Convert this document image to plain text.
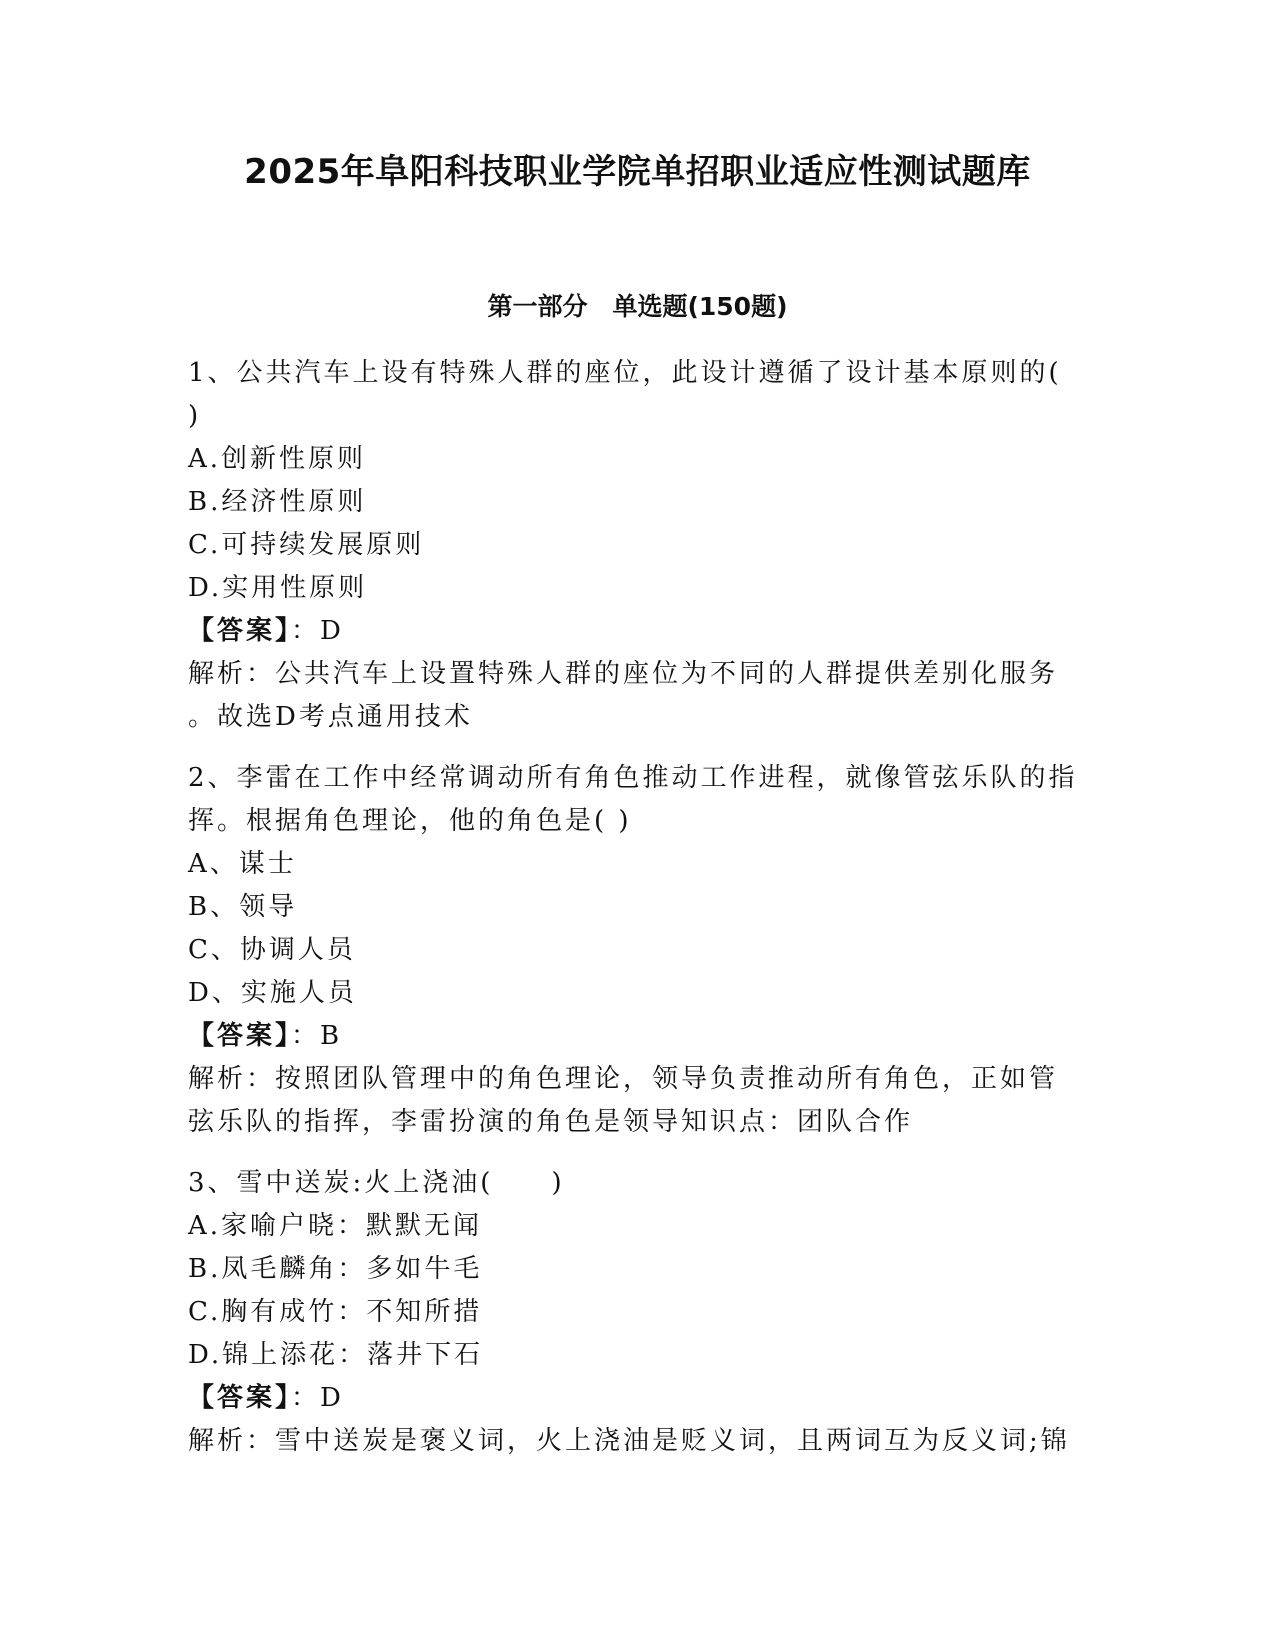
2025年阜阳科技职业学院单招职业适应性测试题库
第一部分　单选题(150题)
1、公共汽车上设有特殊人群的座位，此设计遵循了设计基本原则的(
)
A.创新性原则
B.经济性原则
C.可持续发展原则
D.实用性原则
【答案】：D
解析：公共汽车上设置特殊人群的座位为不同的人群提供差别化服务
。故选D考点通用技术
2、李雷在工作中经常调动所有角色推动工作进程，就像管弦乐队的指
挥。根据角色理论，他的角色是( )
A、谋士
B、领导
C、协调人员
D、实施人员
【答案】：B
解析：按照团队管理中的角色理论，领导负责推动所有角色，正如管
弦乐队的指挥，李雷扮演的角色是领导知识点：团队合作
3、雪中送炭:火上浇油(　　)
A.家喻户晓：默默无闻
B.凤毛麟角：多如牛毛
C.胸有成竹：不知所措
D.锦上添花：落井下石
【答案】：D
解析：雪中送炭是褒义词，火上浇油是贬义词，且两词互为反义词;锦
